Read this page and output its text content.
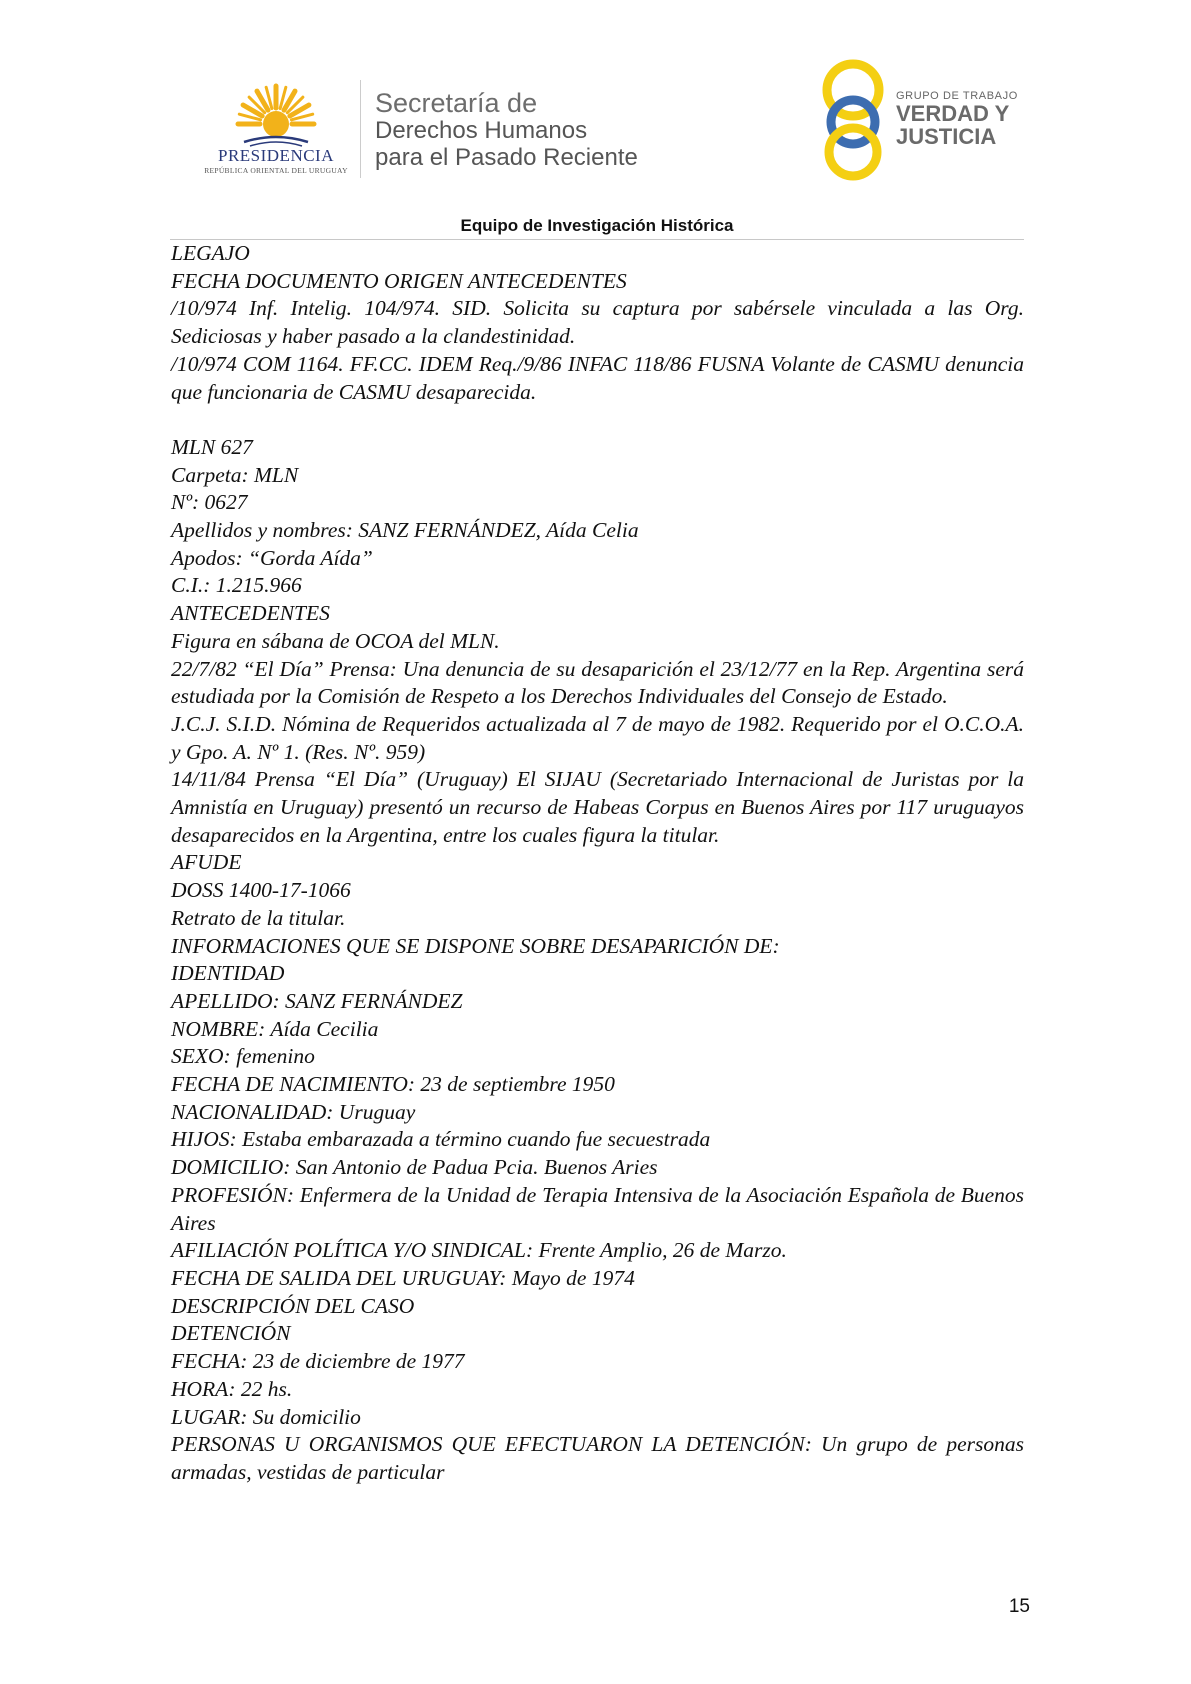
PRESIDENCIA
REPÚBLICA ORIENTAL DEL URUGUAY
Secretaría de
Derechos Humanos
para el Pasado Reciente
GRUPO DE TRABAJO
VERDAD Y
JUSTICIA
Equipo de Investigación Histórica

LEGAJO

FECHA DOCUMENTO ORIGEN ANTECEDENTES

/10/974 Inf. Intelig. 104/974. SID. Solicita su captura por sabérsele vinculada a las Org. Sediciosas y haber pasado a la clandestinidad.

/10/974 COM 1164. FF.CC. IDEM Req./9/86 INFAC 118/86 FUSNA Volante de CASMU denuncia que funcionaria de CASMU desaparecida.

MLN 627

Carpeta: MLN

Nº: 0627

Apellidos y nombres: SANZ FERNÁNDEZ, Aída Celia

Apodos: “Gorda Aída”

C.I.: 1.215.966

ANTECEDENTES

Figura en sábana de OCOA del MLN.

22/7/82 “El Día” Prensa: Una denuncia de su desaparición el 23/12/77 en la Rep. Argentina será estudiada por la Comisión de Respeto a los Derechos Individuales del Consejo de Estado.

J.C.J. S.I.D. Nómina de Requeridos actualizada al 7 de mayo de 1982. Requerido por el O.C.O.A. y Gpo. A. Nº 1. (Res. Nº. 959)

14/11/84 Prensa “El Día” (Uruguay) El SIJAU (Secretariado Internacional de Juristas por la Amnistía en Uruguay) presentó un recurso de Habeas Corpus en Buenos Aires por 117 uruguayos desaparecidos en la Argentina, entre los cuales figura la titular.

AFUDE

DOSS 1400-17-1066

Retrato de la titular.

INFORMACIONES QUE SE DISPONE SOBRE DESAPARICIÓN DE:

IDENTIDAD

APELLIDO: SANZ FERNÁNDEZ

NOMBRE: Aída Cecilia

SEXO: femenino

FECHA DE NACIMIENTO: 23 de septiembre 1950

NACIONALIDAD: Uruguay

HIJOS: Estaba embarazada a término cuando fue secuestrada

DOMICILIO: San Antonio de Padua Pcia. Buenos Aries

PROFESIÓN: Enfermera de la Unidad de Terapia Intensiva de la Asociación Española de Buenos Aires

AFILIACIÓN POLÍTICA Y/O SINDICAL: Frente Amplio, 26 de Marzo.

FECHA DE SALIDA DEL URUGUAY: Mayo de 1974

DESCRIPCIÓN DEL CASO

DETENCIÓN

FECHA: 23 de diciembre de 1977

HORA: 22 hs.

LUGAR: Su domicilio

PERSONAS U ORGANISMOS QUE EFECTUARON LA DETENCIÓN: Un grupo de personas armadas, vestidas de particular

15
